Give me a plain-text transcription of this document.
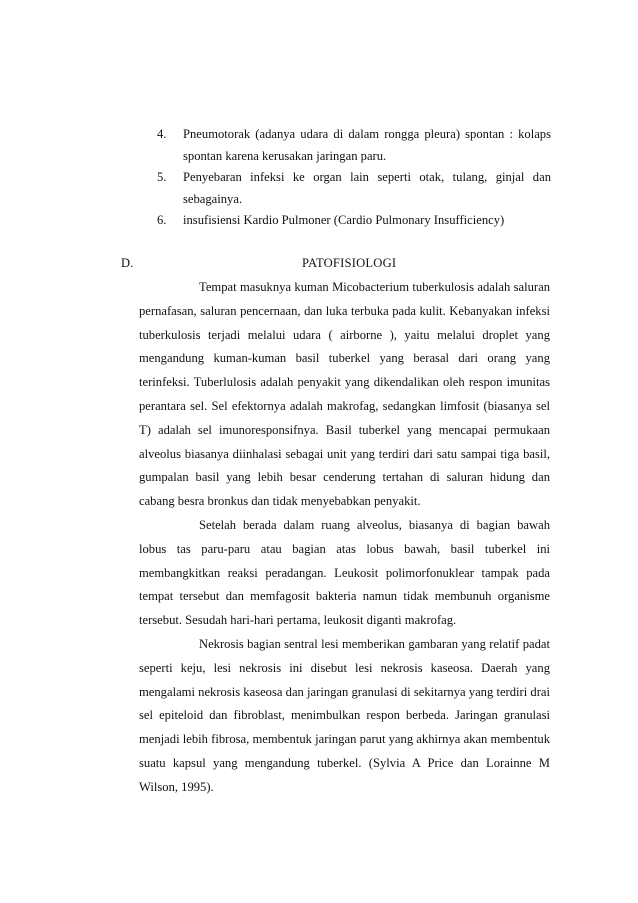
4.	Pneumotorak (adanya udara di dalam rongga pleura) spontan : kolaps spontan karena kerusakan jaringan paru.
5.	Penyebaran infeksi ke organ lain seperti otak, tulang, ginjal dan sebagainya.
6.	insufisiensi Kardio Pulmoner (Cardio Pulmonary Insufficiency)
D.	PATOFISIOLOGI

Tempat masuknya kuman Micobacterium tuberkulosis adalah saluran pernafasan, saluran pencernaan, dan luka terbuka pada kulit. Kebanyakan infeksi tuberkulosis terjadi melalui udara ( airborne ), yaitu melalui droplet yang mengandung kuman-kuman basil tuberkel yang berasal dari orang yang terinfeksi. Tuberlulosis adalah penyakit yang dikendalikan oleh respon imunitas perantara sel. Sel efektornya adalah makrofag, sedangkan limfosit (biasanya sel T) adalah sel imunoresponsifnya. Basil tuberkel yang mencapai permukaan alveolus biasanya diinhalasi sebagai unit yang terdiri dari satu sampai tiga basil, gumpalan basil yang lebih besar cenderung tertahan di saluran hidung dan cabang besra bronkus dan tidak menyebabkan penyakit.

Setelah berada dalam ruang alveolus, biasanya di bagian bawah lobus tas paru-paru atau bagian atas lobus bawah, basil tuberkel ini membangkitkan reaksi peradangan. Leukosit polimorfonuklear tampak pada tempat tersebut dan memfagosit bakteria namun tidak membunuh organisme tersebut. Sesudah hari-hari pertama, leukosit diganti makrofag.

Nekrosis bagian sentral lesi memberikan gambaran yang relatif padat seperti keju, lesi nekrosis ini disebut lesi nekrosis kaseosa. Daerah yang mengalami nekrosis kaseosa dan jaringan granulasi di sekitarnya yang terdiri drai sel epiteloid dan fibroblast, menimbulkan respon berbeda. Jaringan granulasi menjadi lebih fibrosa, membentuk jaringan parut yang akhirnya akan membentuk suatu kapsul yang mengandung tuberkel. (Sylvia A Price dan Lorainne M Wilson, 1995).
